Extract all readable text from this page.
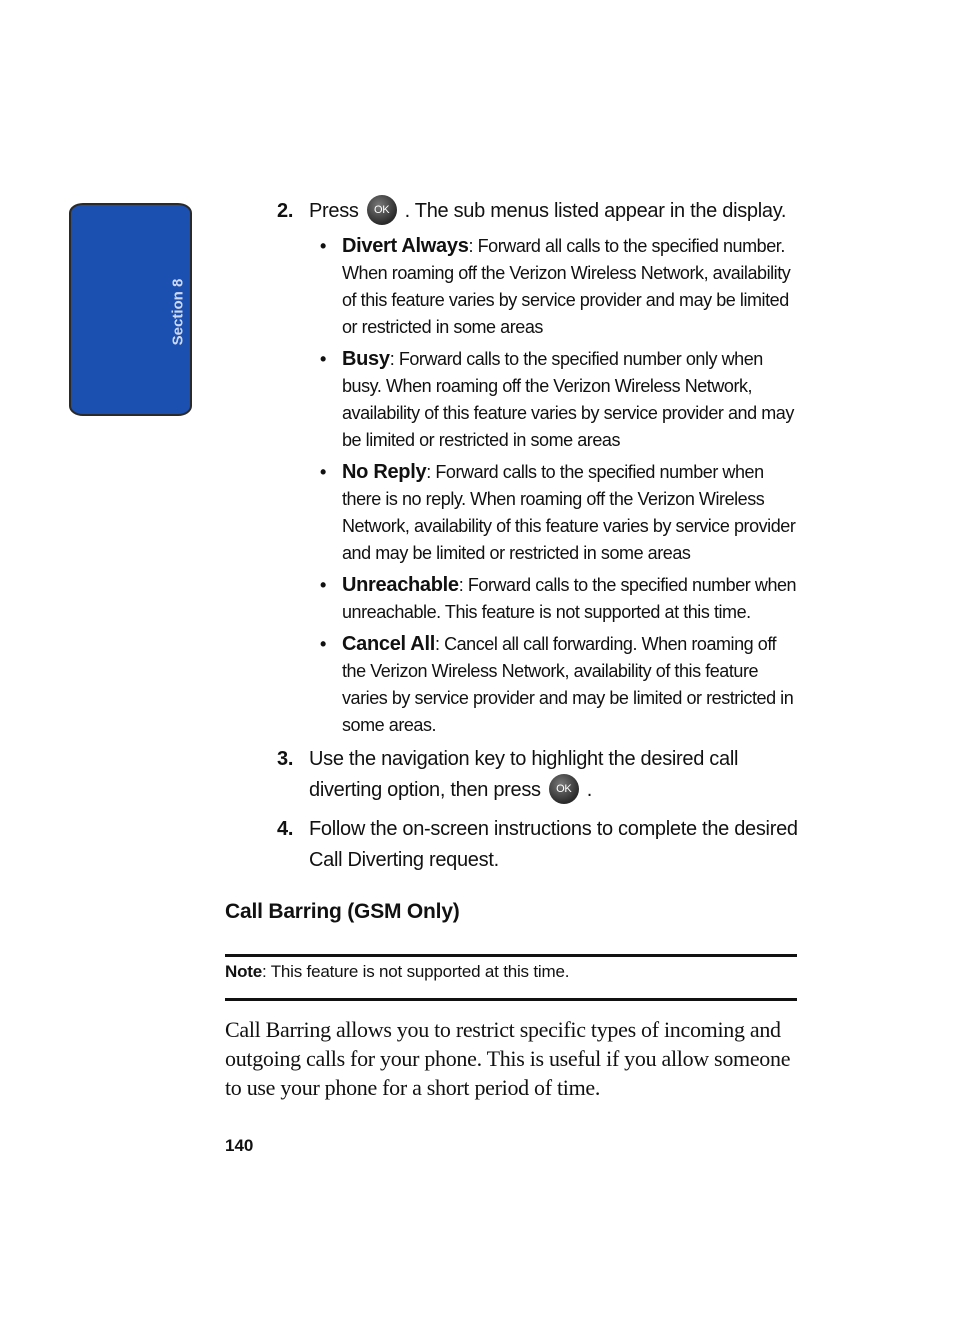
Section 8
2. Press OK . The sub menus listed appear in the display.
• Divert Always: Forward all calls to the specified number. When roaming off the Verizon Wireless Network, availability of this feature varies by service provider and may be limited or restricted in some areas
• Busy: Forward calls to the specified number only when busy. When roaming off the Verizon Wireless Network, availability of this feature varies by service provider and may be limited or restricted in some areas
• No Reply: Forward calls to the specified number when there is no reply. When roaming off the Verizon Wireless Network, availability of this feature varies by service provider and may be limited or restricted in some areas
• Unreachable: Forward calls to the specified number when unreachable. This feature is not supported at this time.
• Cancel All: Cancel all call forwarding. When roaming off the Verizon Wireless Network, availability of this feature varies by service provider and may be limited or restricted in some areas.
3. Use the navigation key to highlight the desired call diverting option, then press OK .
4. Follow the on-screen instructions to complete the desired Call Diverting request.
Call Barring (GSM Only)
Note: This feature is not supported at this time.
Call Barring allows you to restrict specific types of incoming and outgoing calls for your phone. This is useful if you allow someone to use your phone for a short period of time.
140
